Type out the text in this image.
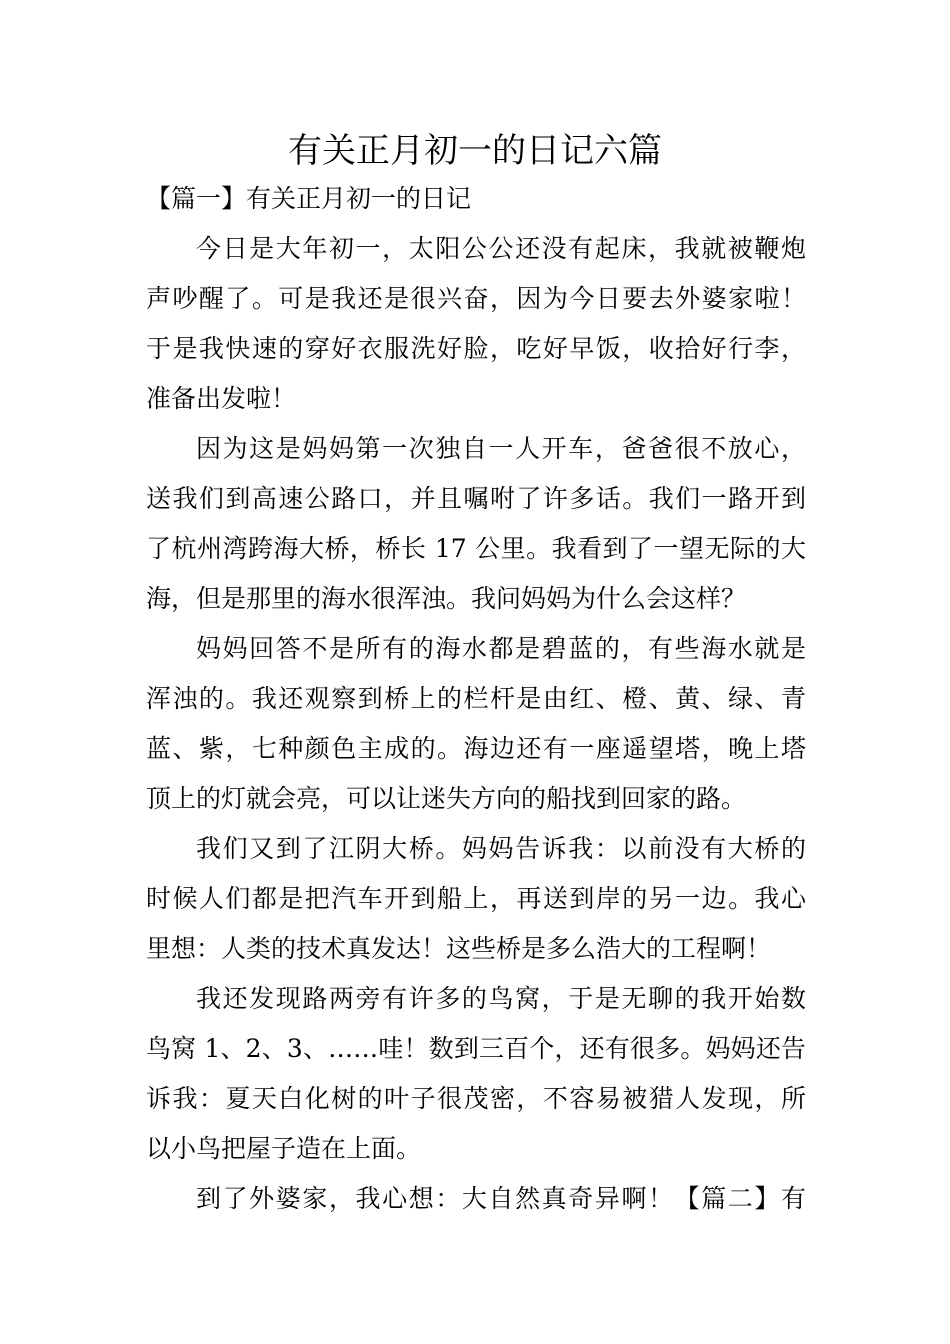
有关正月初一的日记六篇
【篇一】有关正月初一的日记
今日是大年初一，太阳公公还没有起床，我就被鞭炮
声吵醒了。可是我还是很兴奋，因为今日要去外婆家啦！
于是我快速的穿好衣服洗好脸，吃好早饭，收拾好行李，
准备出发啦！
因为这是妈妈第一次独自一人开车，爸爸很不放心，
送我们到高速公路口，并且嘱咐了许多话。我们一路开到
了杭州湾跨海大桥，桥长 17 公里。我看到了一望无际的大
海，但是那里的海水很浑浊。我问妈妈为什么会这样？
妈妈回答不是所有的海水都是碧蓝的，有些海水就是
浑浊的。我还观察到桥上的栏杆是由红、橙、黄、绿、青
蓝、紫，七种颜色主成的。海边还有一座遥望塔，晚上塔
顶上的灯就会亮，可以让迷失方向的船找到回家的路。
我们又到了江阴大桥。妈妈告诉我：以前没有大桥的
时候人们都是把汽车开到船上，再送到岸的另一边。我心
里想：人类的技术真发达！这些桥是多么浩大的工程啊！
我还发现路两旁有许多的鸟窝，于是无聊的我开始数
鸟窝 1、2、3、……哇！数到三百个，还有很多。妈妈还告
诉我：夏天白化树的叶子很茂密，不容易被猎人发现，所
以小鸟把屋子造在上面。
到了外婆家，我心想：大自然真奇异啊！【篇二】有
